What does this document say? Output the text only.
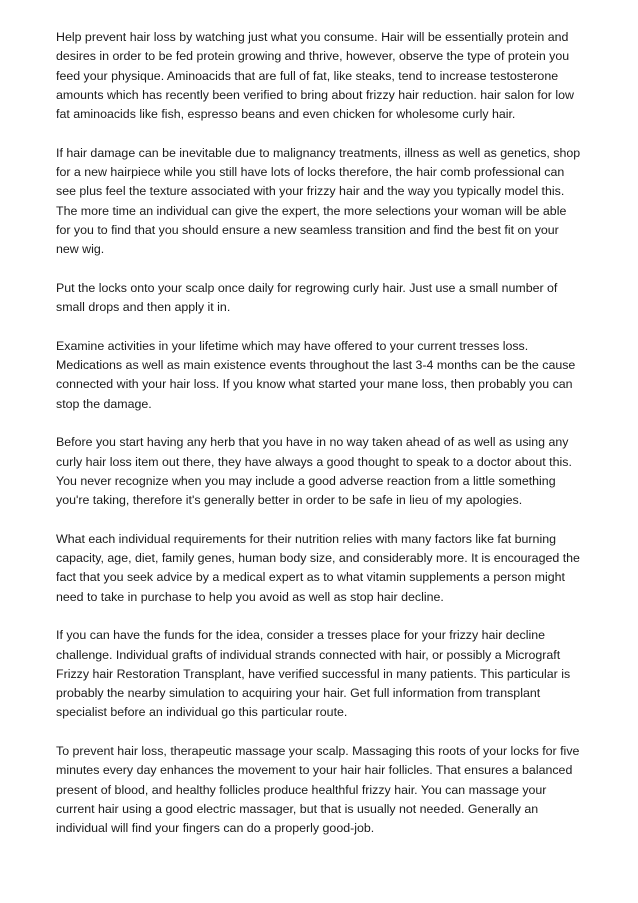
Help prevent hair loss by watching just what you consume. Hair will be essentially protein and desires in order to be fed protein growing and thrive, however, observe the type of protein you feed your physique. Aminoacids that are full of fat, like steaks, tend to increase testosterone amounts which has recently been verified to bring about frizzy hair reduction. hair salon for low fat aminoacids like fish, espresso beans and even chicken for wholesome curly hair.

If hair damage can be inevitable due to malignancy treatments, illness as well as genetics, shop for a new hairpiece while you still have lots of locks therefore, the hair comb professional can see plus feel the texture associated with your frizzy hair and the way you typically model this. The more time an individual can give the expert, the more selections your woman will be able for you to find that you should ensure a new seamless transition and find the best fit on your new wig.

Put the locks onto your scalp once daily for regrowing curly hair. Just use a small number of small drops and then apply it in.

Examine activities in your lifetime which may have offered to your current tresses loss. Medications as well as main existence events throughout the last 3-4 months can be the cause connected with your hair loss. If you know what started your mane loss, then probably you can stop the damage.

Before you start having any herb that you have in no way taken ahead of as well as using any curly hair loss item out there, they have always a good thought to speak to a doctor about this. You never recognize when you may include a good adverse reaction from a little something you're taking, therefore it's generally better in order to be safe in lieu of my apologies.

What each individual requirements for their nutrition relies with many factors like fat burning capacity, age, diet, family genes, human body size, and considerably more. It is encouraged the fact that you seek advice by a medical expert as to what vitamin supplements a person might need to take in purchase to help you avoid as well as stop hair decline.

If you can have the funds for the idea, consider a tresses place for your frizzy hair decline challenge. Individual grafts of individual strands connected with hair, or possibly a Micrograft Frizzy hair Restoration Transplant, have verified successful in many patients. This particular is probably the nearby simulation to acquiring your hair. Get full information from transplant specialist before an individual go this particular route.

To prevent hair loss, therapeutic massage your scalp. Massaging this roots of your locks for five minutes every day enhances the movement to your hair hair follicles. That ensures a balanced present of blood, and healthy follicles produce healthful frizzy hair. You can massage your current hair using a good electric massager, but that is usually not needed. Generally an individual will find your fingers can do a properly good-job.
